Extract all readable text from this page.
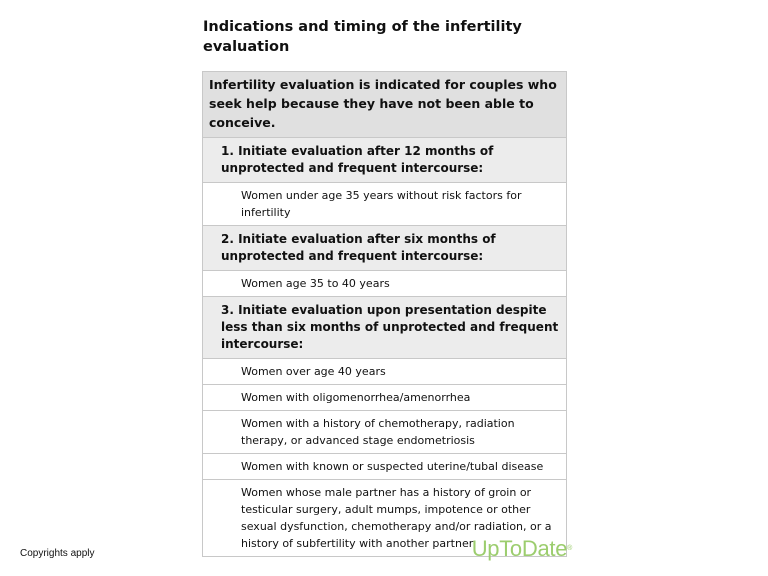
Indications and timing of the infertility evaluation
Infertility evaluation is indicated for couples who seek help because they have not been able to conceive.
1. Initiate evaluation after 12 months of unprotected and frequent intercourse:
Women under age 35 years without risk factors for infertility
2. Initiate evaluation after six months of unprotected and frequent intercourse:
Women age 35 to 40 years
3. Initiate evaluation upon presentation despite less than six months of unprotected and frequent intercourse:
Women over age 40 years
Women with oligomenorrhea/amenorrhea
Women with a history of chemotherapy, radiation therapy, or advanced stage endometriosis
Women with known or suspected uterine/tubal disease
Women whose male partner has a history of groin or testicular surgery, adult mumps, impotence or other sexual dysfunction, chemotherapy and/or radiation, or a history of subfertility with another partner
UpToDate®
Copyrights apply
